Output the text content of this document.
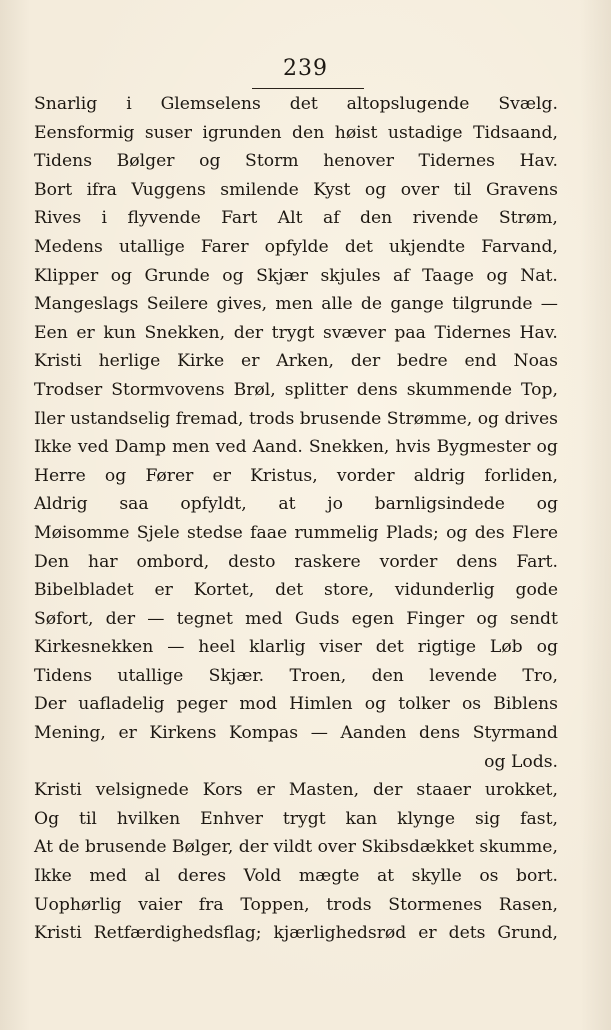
239
Snarlig i Glemselens det altopslugende Svælg.
Eensformig suser igrunden den høist ustadige Tidsaand,
Tidens Bølger og Storm henover Tidernes Hav.
Bort ifra Vuggens smilende Kyst og over til Gravens
Rives i flyvende Fart Alt af den rivende Strøm,
Medens utallige Farer opfylde det ukjendte Farvand,
Klipper og Grunde og Skjær skjules af Taage og Nat.
Mangeslags Seilere gives, men alle de gange tilgrunde —
Een er kun Snekken, der trygt svæver paa Tidernes Hav.
Kristi herlige Kirke er Arken, der bedre end Noas
Trodser Stormvovens Brøl, splitter dens skummende Top,
Iler ustandselig fremad, trods brusende Strømme, og drives
Ikke ved Damp men ved Aand. Snekken, hvis Bygmester og
Herre og Fører er Kristus, vorder aldrig forliden,
Aldrig saa opfyldt, at jo barnligsindede og
Møisomme Sjele stedse faae rummelig Plads; og des Flere
Den har ombord, desto raskere vorder dens Fart.
Bibelbladet er Kortet, det store, vidunderlig gode
Søfort, der — tegnet med Guds egen Finger og sendt
Kirkesnekken — heel klarlig viser det rigtige Løb og
Tidens utallige Skjær. Troen, den levende Tro,
Der uafladelig peger mod Himlen og tolker os Biblens
Mening, er Kirkens Kompas — Aanden dens Styrmand
og Lods.
Kristi velsignede Kors er Masten, der staaer urokket,
Og til hvilken Enhver trygt kan klynge sig fast,
At de brusende Bølger, der vildt over Skibsdækket skumme,
Ikke med al deres Vold mægte at skylle os bort.
Uophørlig vaier fra Toppen, trods Stormenes Rasen,
Kristi Retfærdighedsflag; kjærlighedsrød er dets Grund,
